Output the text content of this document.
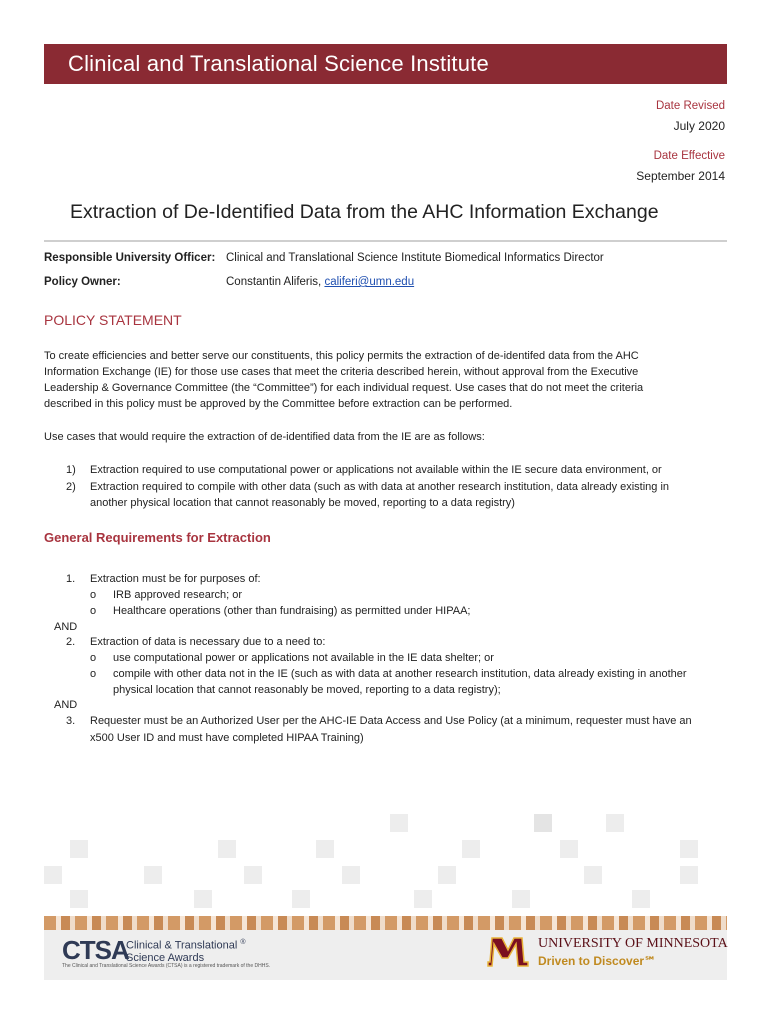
Clinical and Translational Science Institute
Date Revised
July 2020
Date Effective
September 2014
Extraction of De-Identified Data from the AHC Information Exchange
Responsible University Officer: Clinical and Translational Science Institute Biomedical Informatics Director
Policy Owner:	Constantin Aliferis, califeri@umn.edu
POLICY STATEMENT
To create efficiencies and better serve our constituents, this policy permits the extraction of de-identifed data from the AHC
Information Exchange (IE) for those use cases that meet the criteria described herein, without approval from the Executive
Leadership & Governance Committee (the “Committee”) for each individual request. Use cases that do not meet the criteria
described in this policy must be approved by the Committee before extraction can be performed.
Use cases that would require the extraction of de-identified data from the IE are as follows:
1) Extraction required to use computational power or applications not available within the IE secure data environment, or
2) Extraction required to compile with other data (such as with data at another research institution, data already existing in
another physical location that cannot reasonably be moved, reporting to a data registry)
General Requirements for Extraction
1. Extraction must be for purposes of:
o IRB approved research; or
o Healthcare operations (other than fundraising) as permitted under HIPAA;
AND
2. Extraction of data is necessary due to a need to:
o use computational power or applications not available in the IE data shelter; or
o compile with other data not in the IE (such as with data at another research institution, data already existing in another
physical location that cannot reasonably be moved, reporting to a data registry);
AND
3. Requester must be an Authorized User per the AHC-IE Data Access and Use Policy (at a minimum, requester must have an
x500 User ID and must have completed HIPAA Training)
CTSA
Clinical & Translational ®
Science Awards
The Clinical and Translational Science Awards (CTSA) is a registered trademark of the DHHS.
UNIVERSITY OF MINNESOTA
Driven to Discover℠
